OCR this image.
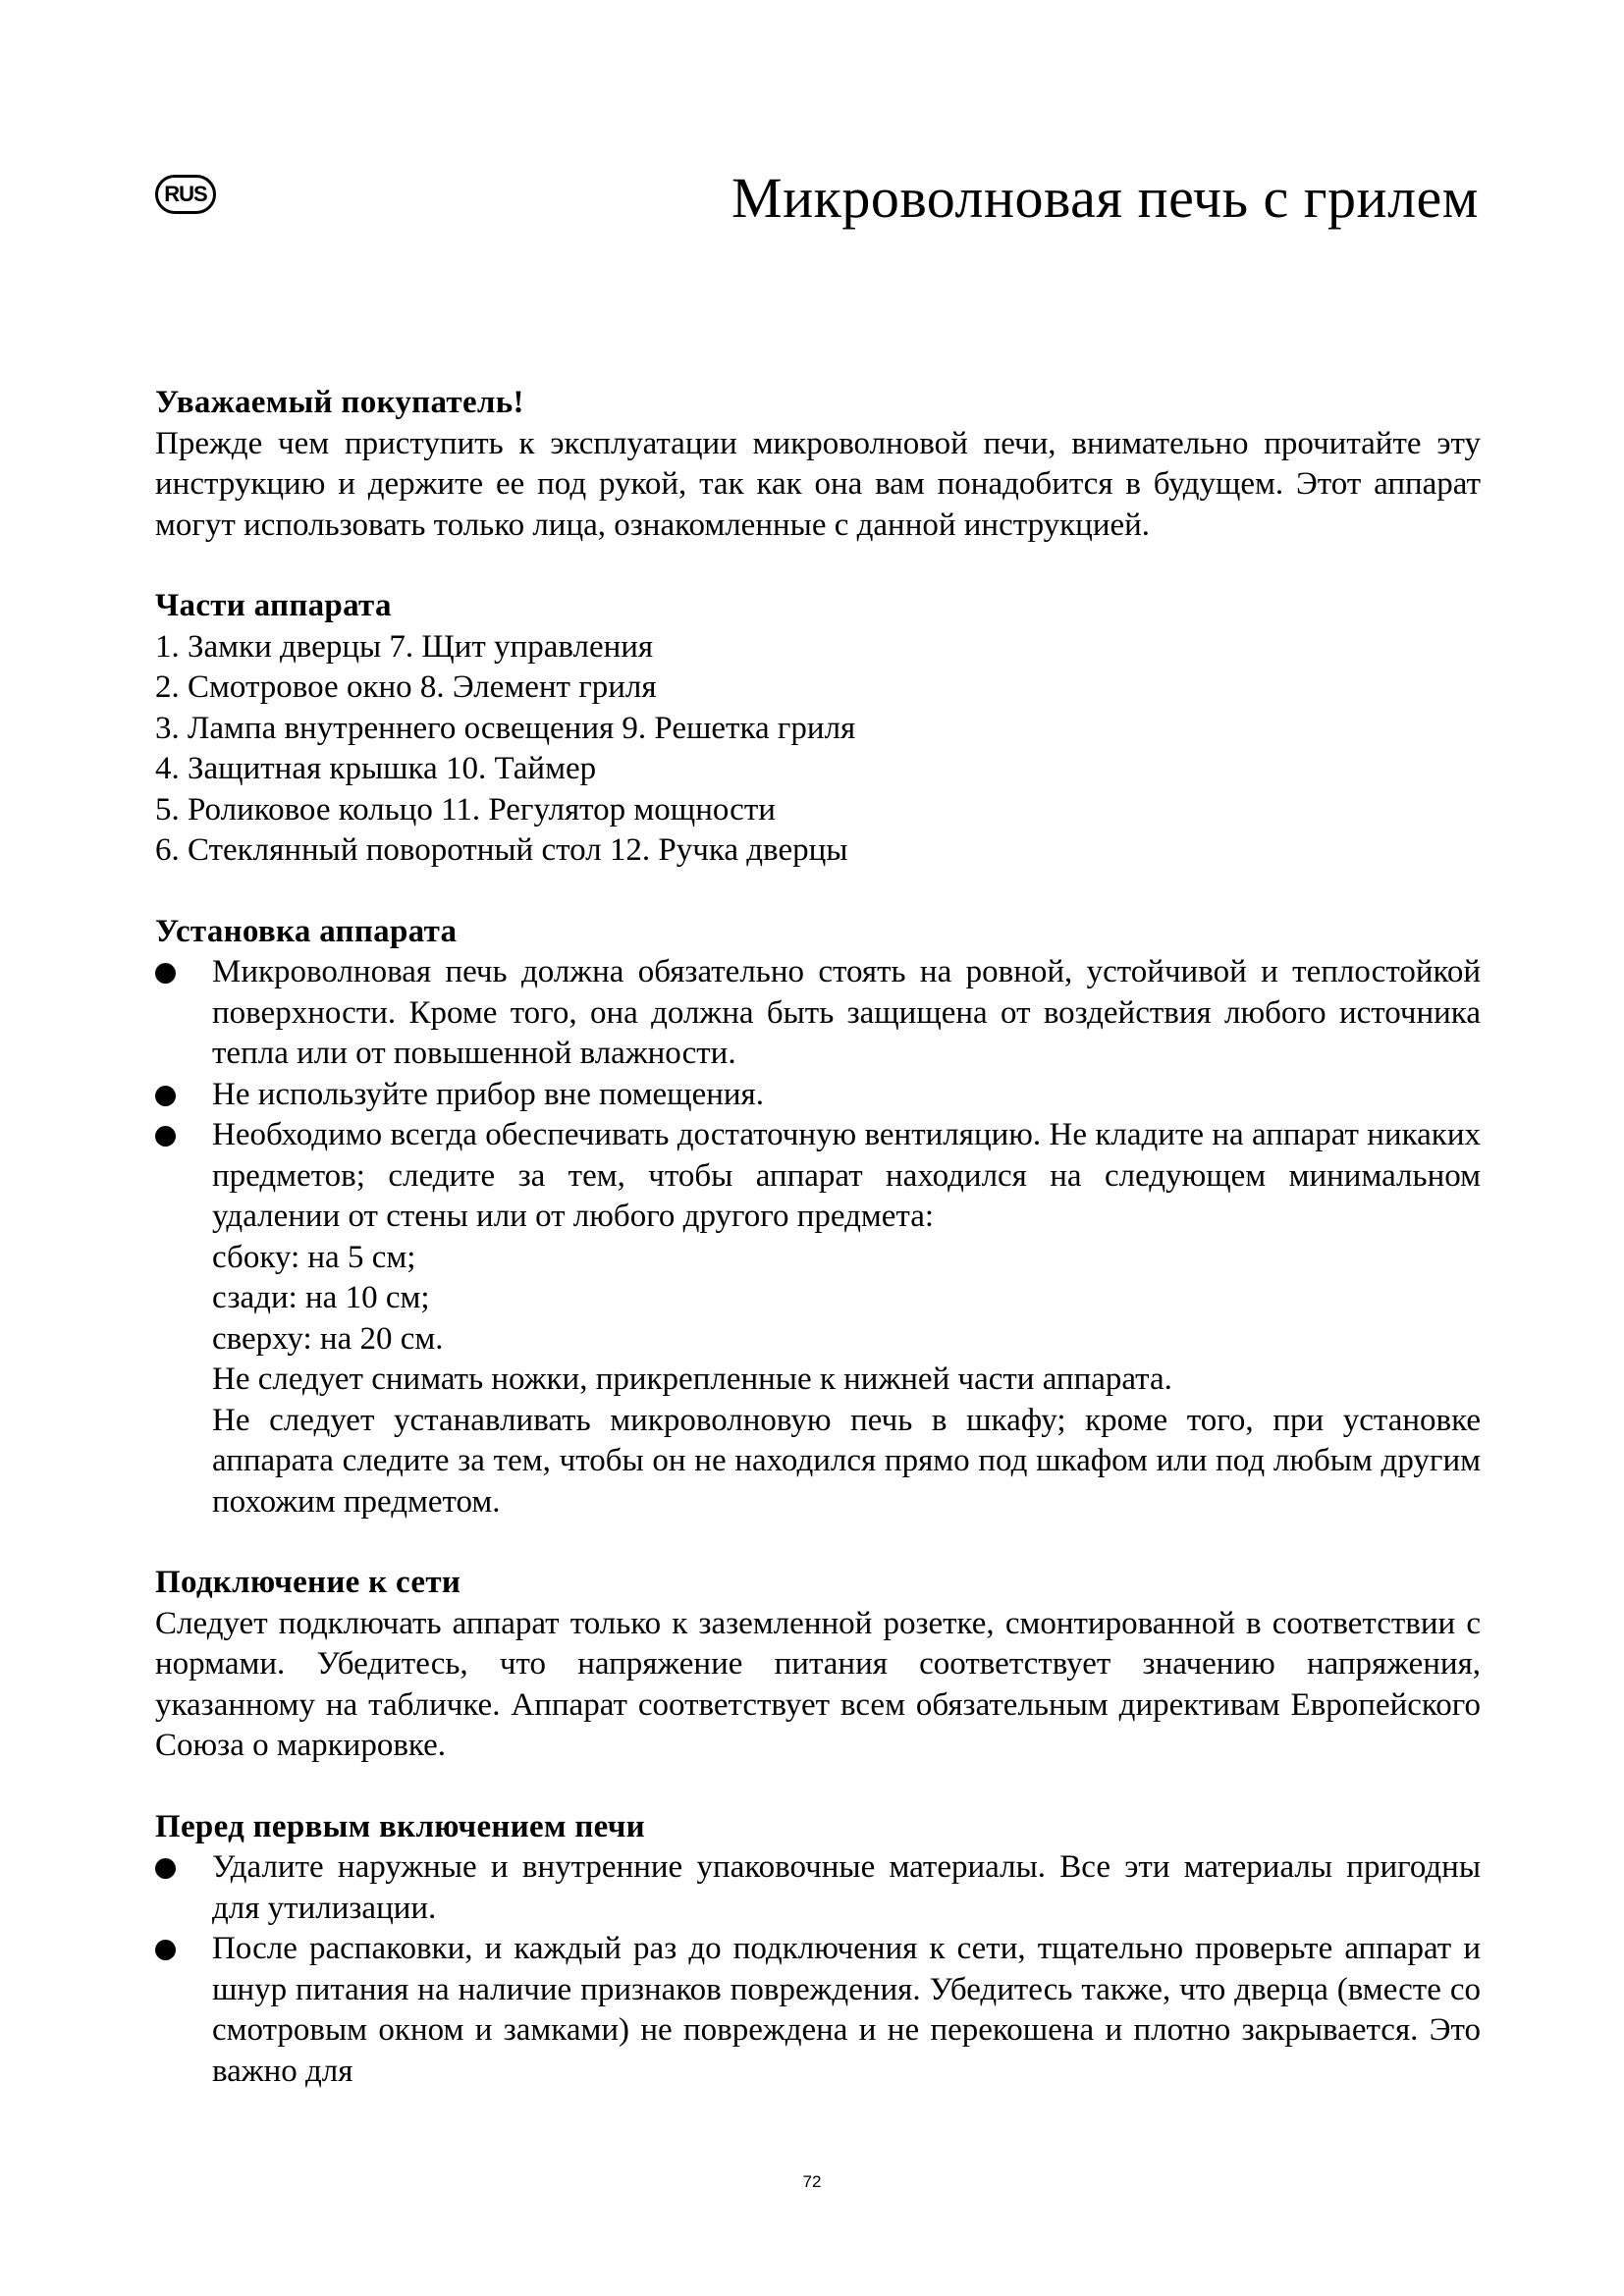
RUS	Микроволновая печь с грилем
Уважаемый покупатель!

Прежде чем приступить к эксплуатации микроволновой печи, внимательно прочитайте эту инструкцию и держите ее под рукой, так как она вам понадобится в будущем. Этот аппарат могут использовать только лица, ознакомленные с данной инструкцией.

Части аппарата
1. Замки дверцы 7. Щит управления
2. Смотровое окно 8. Элемент гриля
3. Лампа внутреннего освещения 9. Решетка гриля
4. Защитная крышка 10. Таймер
5. Роликовое кольцо 11. Регулятор мощности
6. Стеклянный поворотный стол 12. Ручка дверцы
Установка аппарата
Микроволновая печь должна обязательно стоять на ровной, устойчивой и теплостойкой поверхности. Кроме того, она должна быть защищена от воздействия любого источника тепла или от повышенной влажности.
Не используйте прибор вне помещения.
Необходимо всегда обеспечивать достаточную вентиляцию. Не кладите на аппарат никаких предметов; следите за тем, чтобы аппарат находился на следующем минимальном удалении от стены или от любого другого предмета:
сбоку: на 5 см;
сзади: на 10 см;
сверху: на 20 см.
Не следует снимать ножки, прикрепленные к нижней части аппарата.
Не следует устанавливать микроволновую печь в шкафу; кроме того, при установке аппарата следите за тем, чтобы он не находился прямо под шкафом или под любым другим похожим предметом.
Подключение к сети

Следует подключать аппарат только к заземленной розетке, смонтированной в соответствии с нормами. Убедитесь, что напряжение питания соответствует значению напряжения, указанному на табличке. Аппарат соответствует всем обязательным директивам Европейского Союза о маркировке.

Перед первым включением печи
Удалите наружные и внутренние упаковочные материалы. Все эти материалы пригодны для утилизации.
После распаковки, и каждый раз до подключения к сети, тщательно проверьте аппарат и шнур питания на наличие признаков повреждения. Убедитесь также, что дверца (вместе со смотровым окном и замками) не повреждена и не перекошена и плотно закрывается. Это важно для
72
